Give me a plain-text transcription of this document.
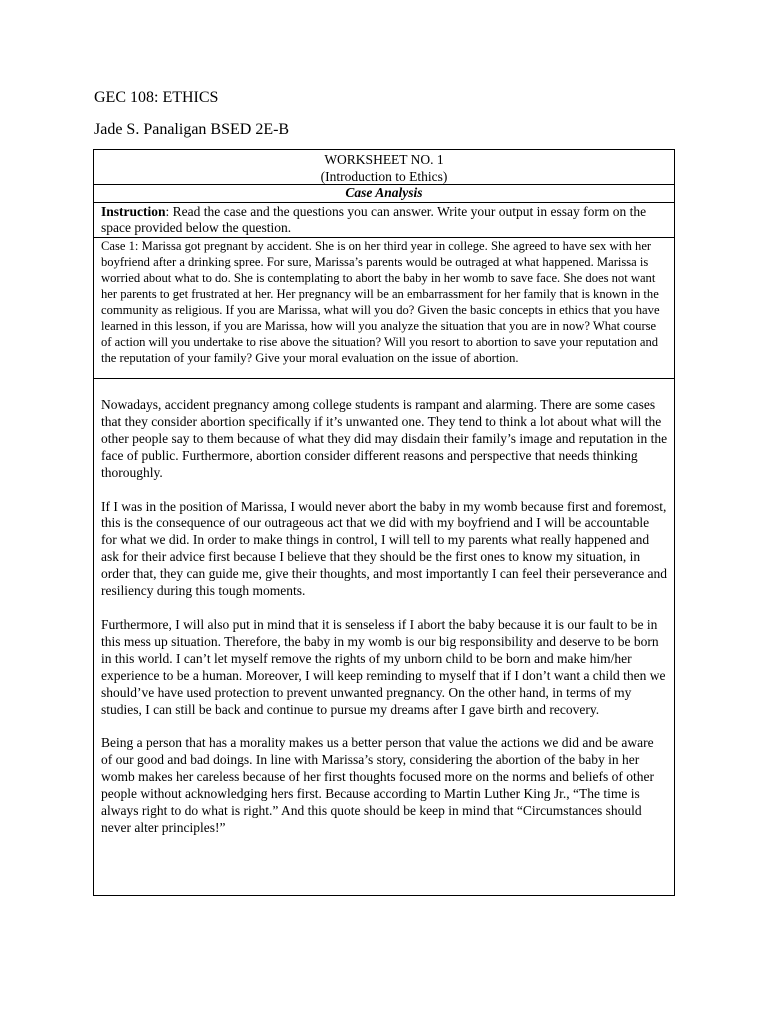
GEC 108: ETHICS
Jade S. Panaligan BSED 2E-B
WORKSHEET NO. 1
(Introduction to Ethics)
Case Analysis
Instruction: Read the case and the questions you can answer. Write your output in essay form on the space provided below the question.
Case 1: Marissa got pregnant by accident. She is on her third year in college. She agreed to have sex with her boyfriend after a drinking spree. For sure, Marissa’s parents would be outraged at what happened. Marissa is worried about what to do. She is contemplating to abort the baby in her womb to save face. She does not want her parents to get frustrated at her. Her pregnancy will be an embarrassment for her family that is known in the community as religious. If you are Marissa, what will you do? Given the basic concepts in ethics that you have learned in this lesson, if you are Marissa, how will you analyze the situation that you are in now? What course of action will you undertake to rise above the situation? Will you resort to abortion to save your reputation and the reputation of your family? Give your moral evaluation on the issue of abortion.

Nowadays, accident pregnancy among college students is rampant and alarming. There are some cases that they consider abortion specifically if it’s unwanted one. They tend to think a lot about what will the other people say to them because of what they did may disdain their family’s image and reputation in the face of public. Furthermore, abortion consider different reasons and perspective that needs thinking thoroughly.

If I was in the position of Marissa, I would never abort the baby in my womb because first and foremost, this is the consequence of our outrageous act that we did with my boyfriend and I will be accountable for what we did. In order to make things in control, I will tell to my parents what really happened and ask for their advice first because I believe that they should be the first ones to know my situation, in order that, they can guide me, give their thoughts, and most importantly I can feel their perseverance and resiliency during this tough moments.

Furthermore, I will also put in mind that it is senseless if I abort the baby because it is our fault to be in this mess up situation. Therefore, the baby in my womb is our big responsibility and deserve to be born in this world. I can’t let myself remove the rights of my unborn child to be born and make him/her experience to be a human. Moreover, I will keep reminding to myself that if I don’t want a child then we should’ve have used protection to prevent unwanted pregnancy. On the other hand, in terms of my studies, I can still be back and continue to pursue my dreams after I gave birth and recovery.

Being a person that has a morality makes us a better person that value the actions we did and be aware of our good and bad doings. In line with Marissa’s story, considering the abortion of the baby in her womb makes her careless because of her first thoughts focused more on the norms and beliefs of other people without acknowledging hers first. Because according to Martin Luther King Jr., “The time is always right to do what is right.” And this quote should be keep in mind that “Circumstances should never alter principles!”
